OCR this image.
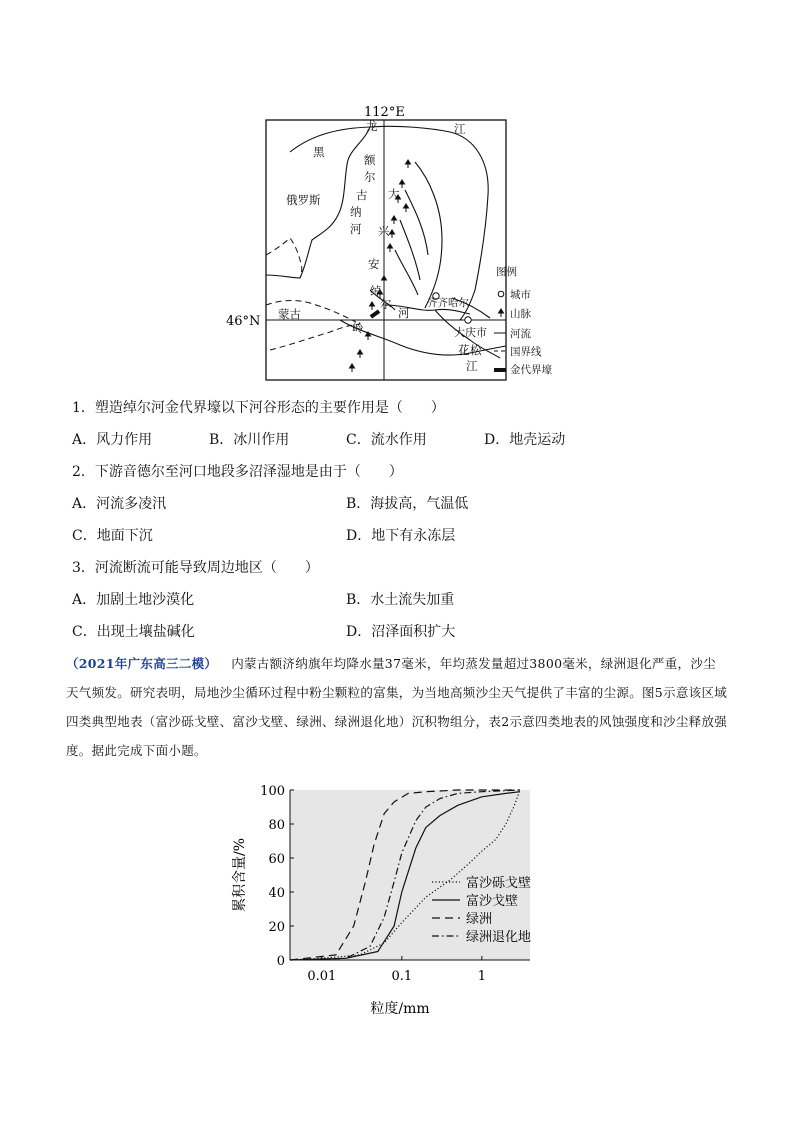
112°E
46°N
龙	江
黑
额
尔
古
纳
河
俄罗斯	大
兴
安
绰
尔
河
岭
蒙古
齐齐哈尔
大庆市
花 松
江
图例
城市
山脉
河流
国界线
金代界壕
1．塑造绰尔河金代界壕以下河谷形态的主要作用是（　　）
A．风力作用	B．冰川作用	C．流水作用	D．地壳运动
2．下游音德尔至河口地段多沼泽湿地是由于（　　）
A．河流多凌汛	B．海拔高，气温低
C．地面下沉	D．地下有永冻层
3．河流断流可能导致周边地区（　　）
A．加剧土地沙漠化	B．水土流失加重
C．出现土壤盐碱化	D．沼泽面积扩大
（2021年广东高三二模） 内蒙古额济纳旗年均降水量37毫米，年均蒸发量超过3800毫米，绿洲退化严重，沙尘天气频发。研究表明，局地沙尘循环过程中粉尘颗粒的富集，为当地高频沙尘天气提供了丰富的尘源。图5示意该区域四类典型地表（富沙砾戈壁、富沙戈壁、绿洲、绿洲退化地）沉积物组分，表2示意四类地表的风蚀强度和沙尘释放强度。据此完成下面小题。
0
20
40
60
80
100
0.01	0.1	1
富沙砾戈壁
富沙戈壁
绿洲
绿洲退化地
粒度/mm
累积含量/%
